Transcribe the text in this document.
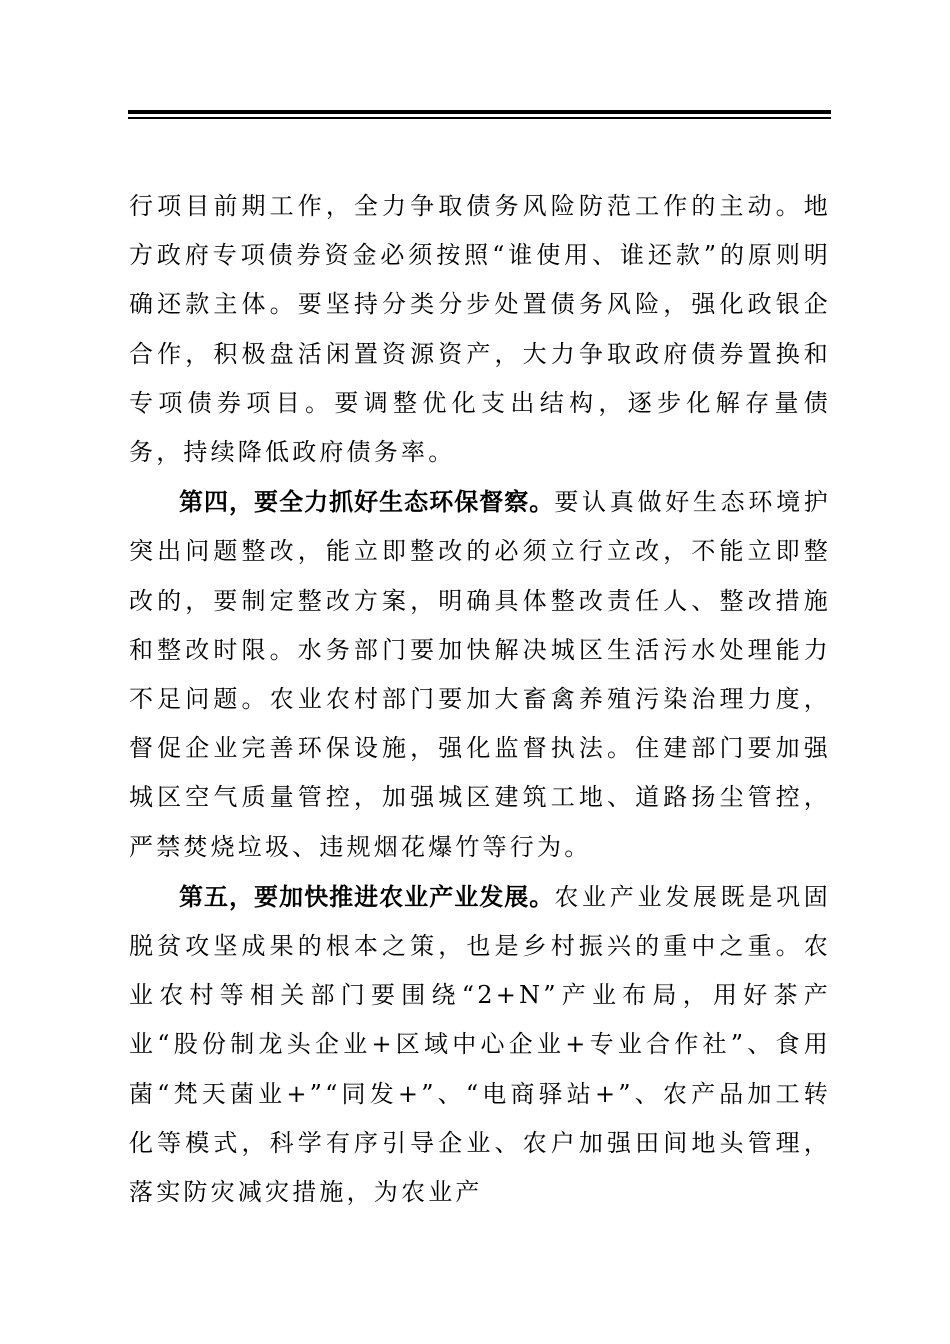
行项目前期工作，全力争取债务风险防范工作的主动。地方政府专项债券资金必须按照“谁使用、谁还款”的原则明确还款主体。要坚持分类分步处置债务风险，强化政银企合作，积极盘活闲置资源资产，大力争取政府债券置换和专项债券项目。要调整优化支出结构，逐步化解存量债务，持续降低政府债务率。

第四，要全力抓好生态环保督察。要认真做好生态环境护突出问题整改，能立即整改的必须立行立改，不能立即整改的，要制定整改方案，明确具体整改责任人、整改措施和整改时限。水务部门要加快解决城区生活污水处理能力不足问题。农业农村部门要加大畜禽养殖污染治理力度，督促企业完善环保设施，强化监督执法。住建部门要加强城区空气质量管控，加强城区建筑工地、道路扬尘管控，严禁焚烧垃圾、违规烟花爆竹等行为。

第五，要加快推进农业产业发展。农业产业发展既是巩固脱贫攻坚成果的根本之策，也是乡村振兴的重中之重。农业农村等相关部门要围绕“2+N”产业布局，用好茶产业“股份制龙头企业+区域中心企业+专业合作社”、食用菌“梵天菌业+”“同发+”、“电商驿站+”、农产品加工转化等模式，科学有序引导企业、农户加强田间地头管理，落实防灾减灾措施，为农业产
